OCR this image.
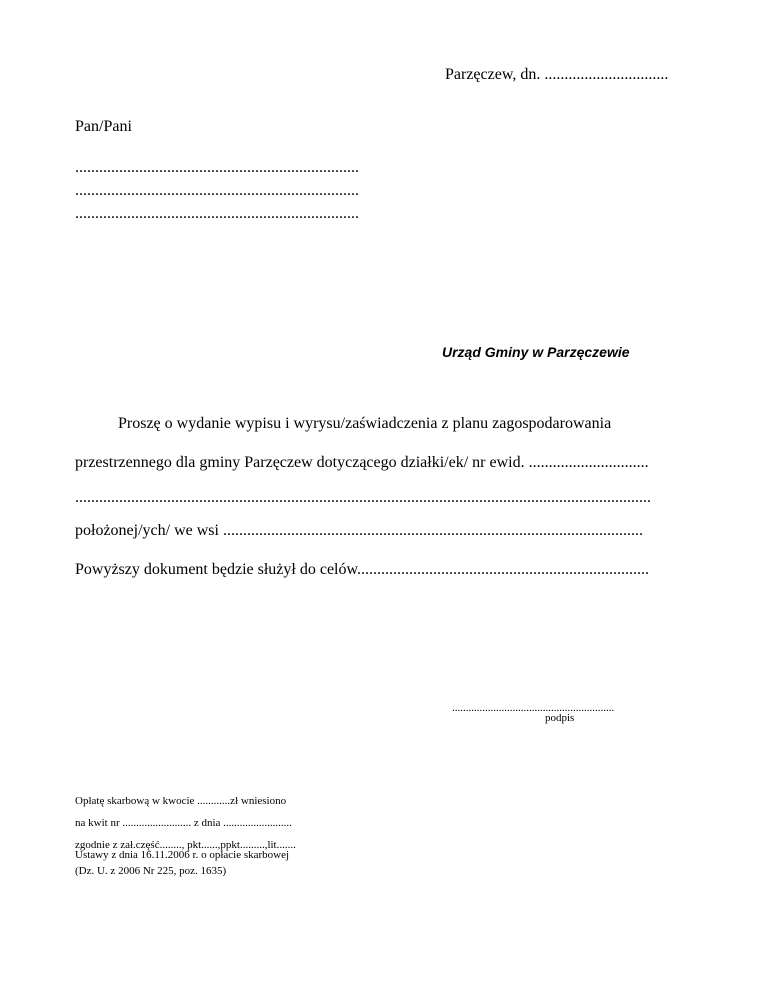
Parzęczew, dn. ...............................
Pan/Pani
.......................................................................
.......................................................................
.......................................................................
Urząd Gminy w Parzęczewie
Proszę o wydanie wypisu i wyrysu/zaświadczenia z planu zagospodarowania
przestrzennego dla gminy Parzęczew dotyczącego działki/ek/ nr ewid. ..............................
................................................................................................................................................
położonej/ych/ we wsi .........................................................................................................
Powyższy dokument będzie służył do celów.........................................................................
...........................................................
podpis
Opłatę skarbową w kwocie ............zł wniesiono
na kwit nr ......................... z dnia .........................
zgodnie z zał.część........, pkt......,ppkt.........,lit.......
Ustawy z dnia 16.11.2006 r. o opłacie skarbowej
(Dz. U. z 2006 Nr 225, poz. 1635)
